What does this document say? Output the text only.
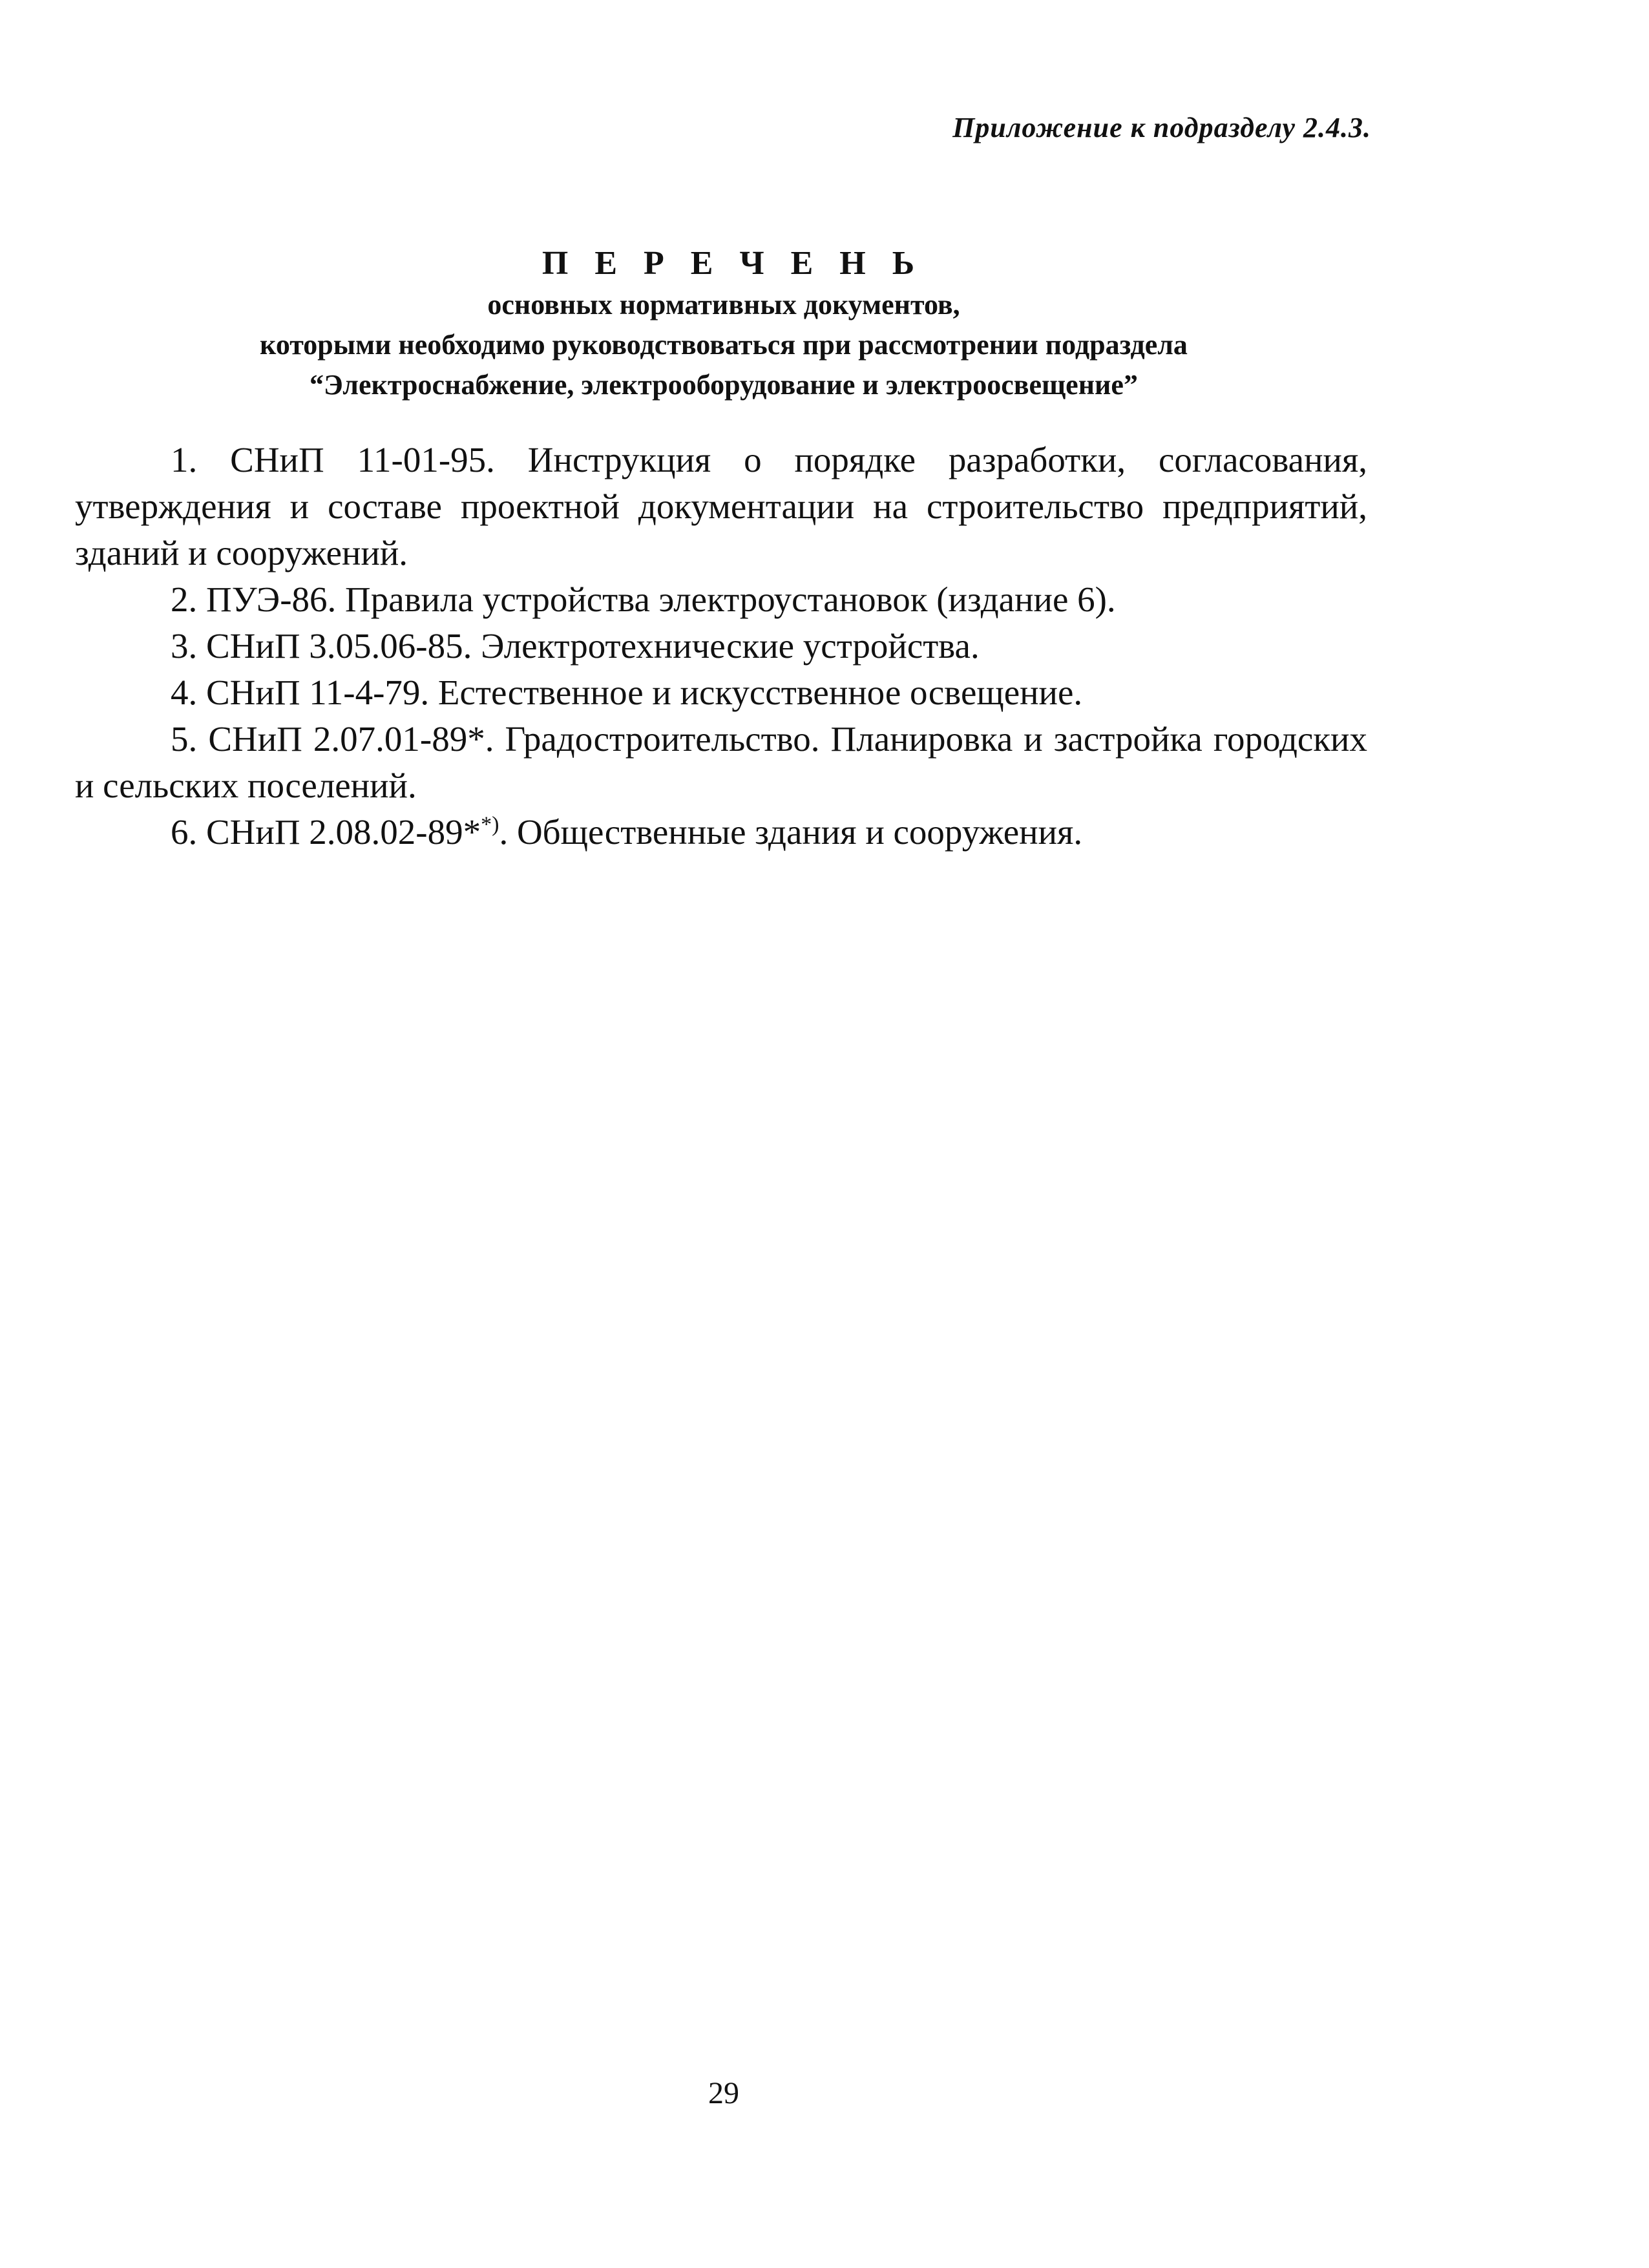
Приложение к подразделу 2.4.3.
П Е Р Е Ч Е Н Ь
основных нормативных документов,
которыми необходимо руководствоваться при рассмотрении подраздела
“Электроснабжение, электрооборудование и электроосвещение”

1. СНиП 11-01-95. Инструкция о порядке разработки, согласования, утверждения и составе проектной документации на строительство предприятий, зданий и сооружений.

2. ПУЭ-86. Правила устройства электроустановок (издание 6).

3. СНиП 3.05.06-85. Электротехнические устройства.

4. СНиП 11-4-79. Естественное и искусственное освещение.

5. СНиП 2.07.01-89*. Градостроительство. Планировка и застройка городских и сельских поселений.

6. СНиП 2.08.02-89**). Общественные здания и сооружения.

29
